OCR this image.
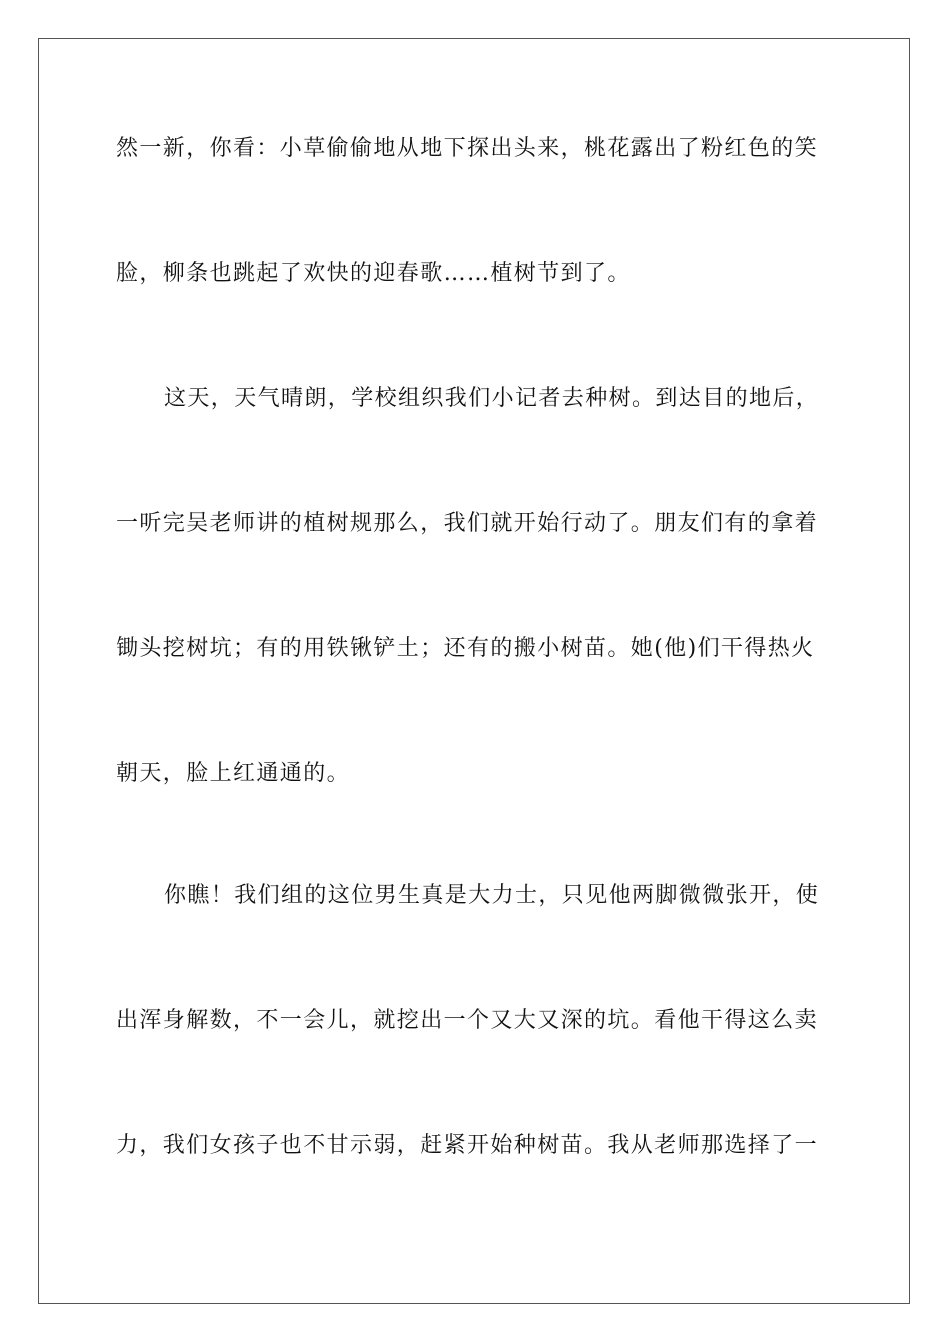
然一新，你看：小草偷偷地从地下探出头来，桃花露出了粉红色的笑
脸，柳条也跳起了欢快的迎春歌……植树节到了。
这天，天气晴朗，学校组织我们小记者去种树。到达目的地后，
一听完吴老师讲的植树规那么，我们就开始行动了。朋友们有的拿着
锄头挖树坑；有的用铁锹铲土；还有的搬小树苗。她(他)们干得热火
朝天，脸上红通通的。
你瞧！我们组的这位男生真是大力士，只见他两脚微微张开，使
出浑身解数，不一会儿，就挖出一个又大又深的坑。看他干得这么卖
力，我们女孩子也不甘示弱，赶紧开始种树苗。我从老师那选择了一
